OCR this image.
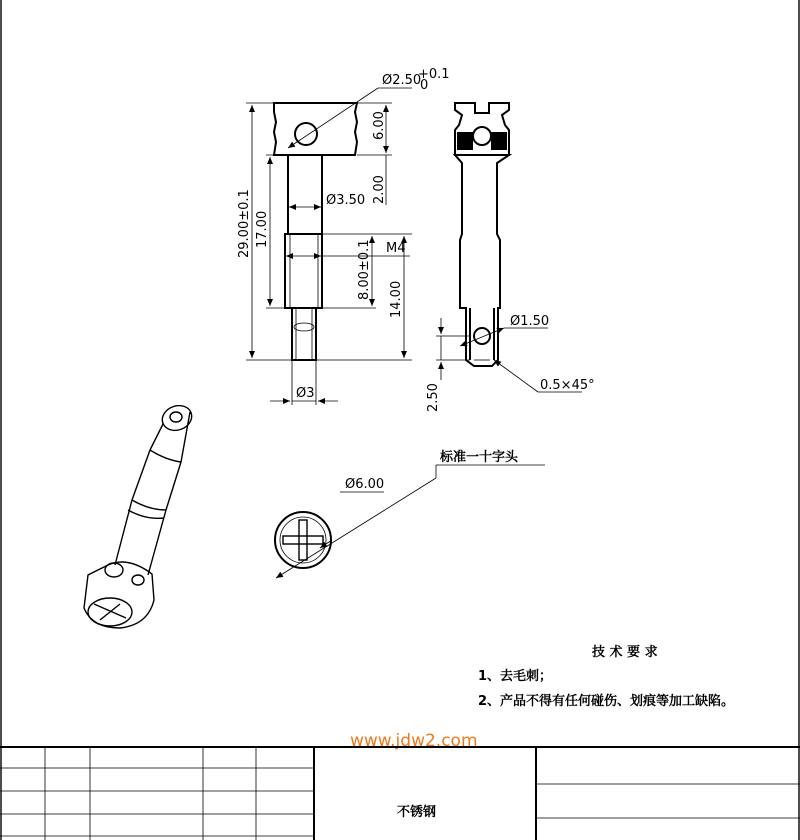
Ø2.50
+0.1
0
6.00
29.00±0.1 17.00
2.00
Ø3.50
M4
8.00±0.1 14.00
Ø3
Ø1.50
0.5×45°
2.50
Ø6.00
标准一十字头
技 术 要 求
1、去毛刺；
2、产品不得有任何碰伤、划痕等加工缺陷。
www.jdw2.com
不锈钢
